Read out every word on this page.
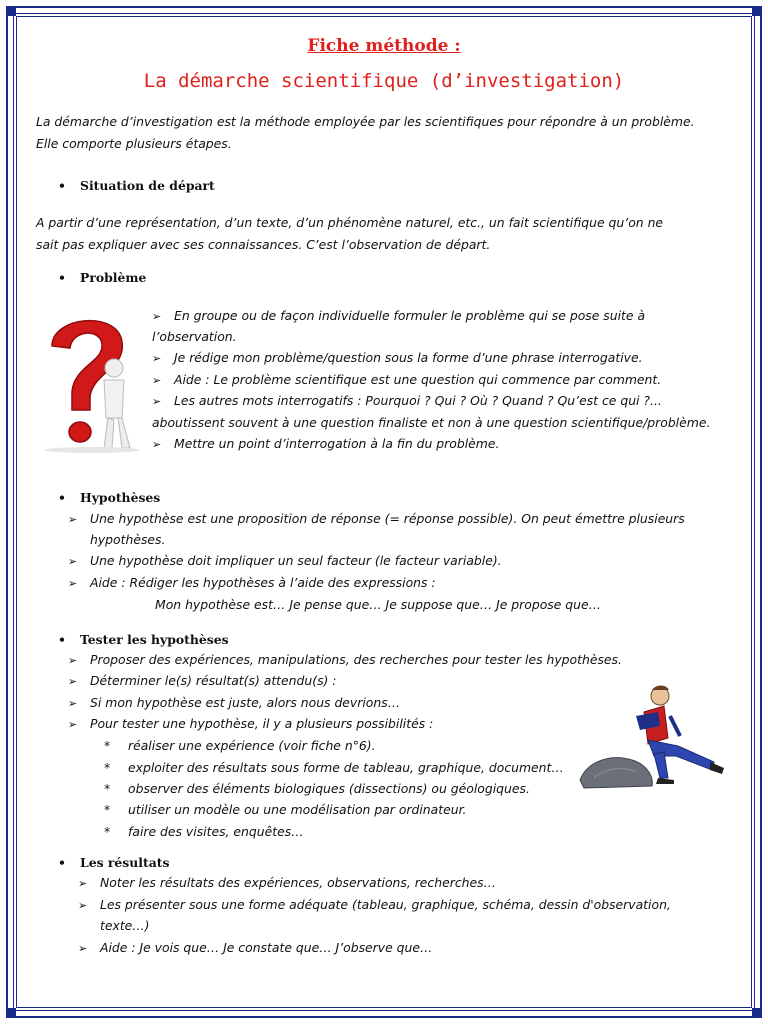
Fiche méthode :
La démarche scientifique (d’investigation)
La démarche d’investigation est la méthode employée par les scientifiques pour répondre à un problème.
Elle comporte plusieurs étapes.
• Situation de départ
A partir d’une représentation, d’un texte, d’un phénomène naturel, etc., un fait scientifique qu’on ne
sait pas expliquer avec ses connaissances. C’est l’observation de départ.
• Problème
➢ En groupe ou de façon individuelle formuler le problème qui se pose suite à
l’observation.
➢ Je rédige mon problème/question sous la forme d’une phrase interrogative.
➢ Aide : Le problème scientifique est une question qui commence par comment.
➢ Les autres mots interrogatifs : Pourquoi ? Qui ? Où ? Quand ? Qu’est ce qui ?...
aboutissent souvent à une question finaliste et non à une question scientifique/problème.
➢ Mettre un point d’interrogation à la fin du problème.
• Hypothèses
➢ Une hypothèse est une proposition de réponse (= réponse possible). On peut émettre plusieurs
hypothèses.
➢ Une hypothèse doit impliquer un seul facteur (le facteur variable).
➢ Aide : Rédiger les hypothèses à l’aide des expressions :
Mon hypothèse est… Je pense que… Je suppose que… Je propose que…
• Tester les hypothèses
➢ Proposer des expériences, manipulations, des recherches pour tester les hypothèses.
➢ Déterminer le(s) résultat(s) attendu(s) :
➢ Si mon hypothèse est juste, alors nous devrions…
➢ Pour tester une hypothèse, il y a plusieurs possibilités :
* réaliser une expérience (voir fiche n°6).
* exploiter des résultats sous forme de tableau, graphique, document…
* observer des éléments biologiques (dissections) ou géologiques.
* utiliser un modèle ou une modélisation par ordinateur.
* faire des visites, enquêtes…
• Les résultats
➢ Noter les résultats des expériences, observations, recherches…
➢ Les présenter sous une forme adéquate (tableau, graphique, schéma, dessin d'observation,
texte…)
➢ Aide : Je vois que… Je constate que… J’observe que…
